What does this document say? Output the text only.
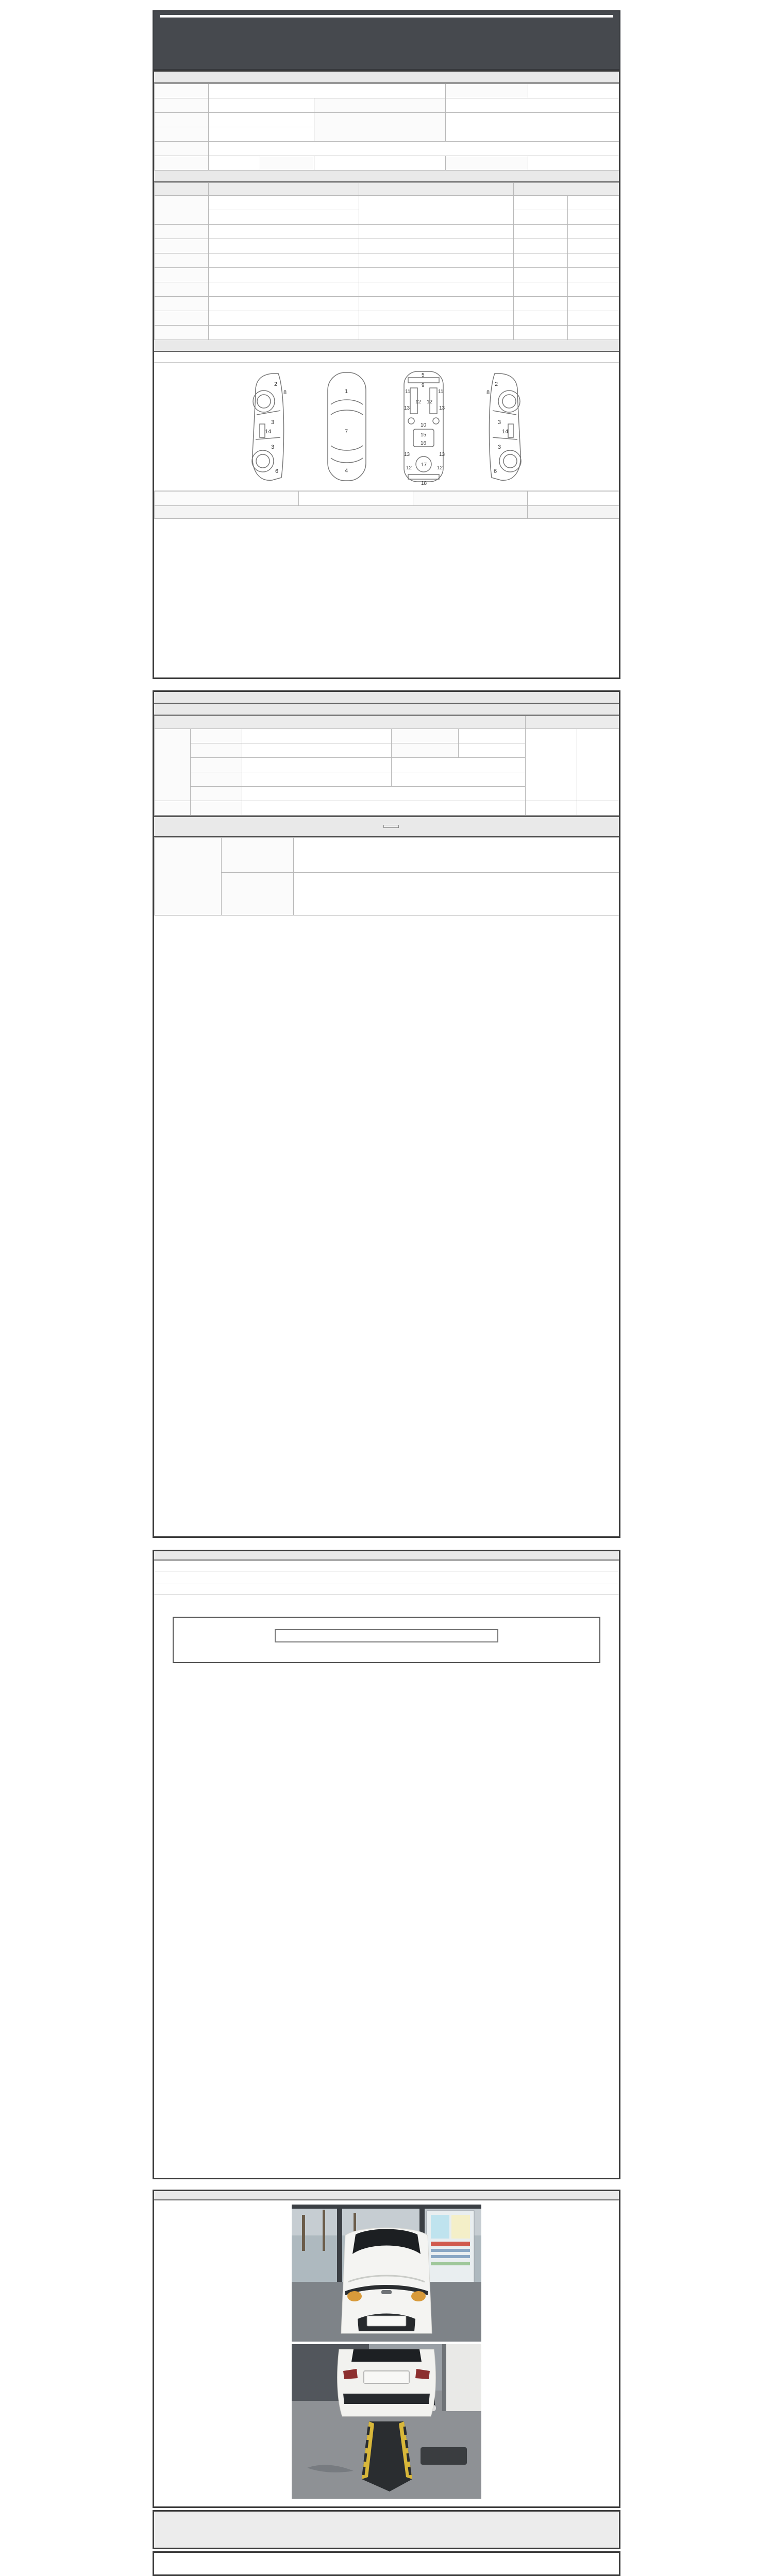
2
8
3
14
3
6
1
7
4
5
9
11	11
13	13
12 12
10
15
16
13	13
12	12
17
18
2
8
3
14
3
6
